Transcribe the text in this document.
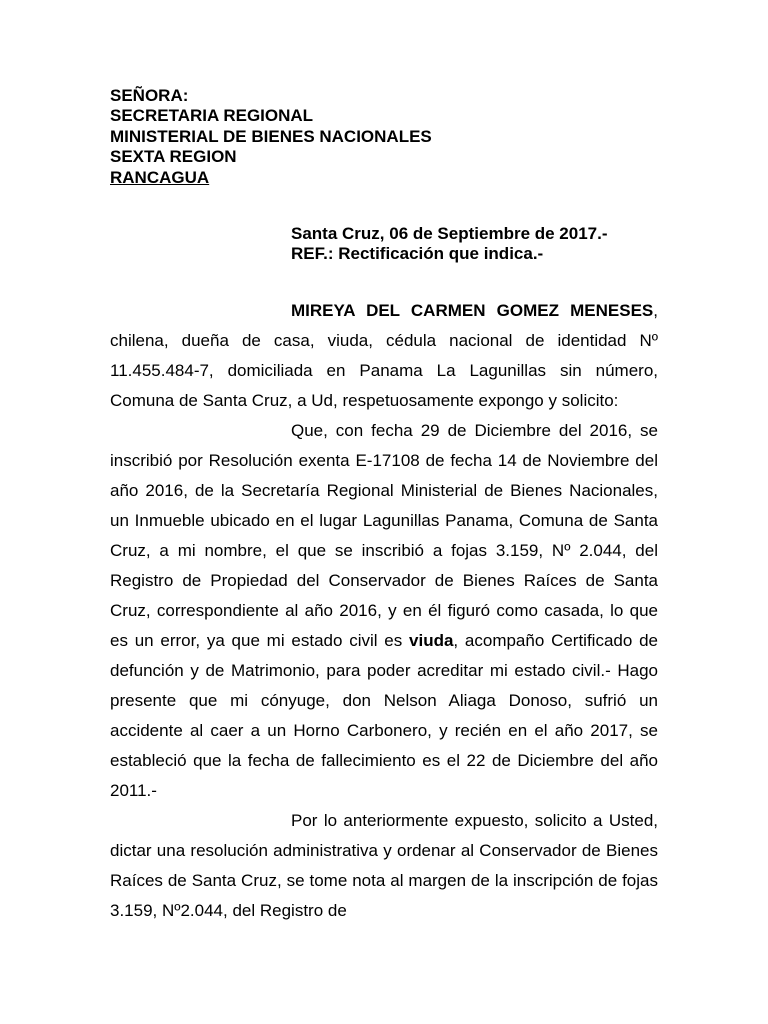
SEÑORA:
SECRETARIA REGIONAL
MINISTERIAL DE BIENES NACIONALES
SEXTA REGION
RANCAGUA
Santa Cruz, 06 de Septiembre de 2017.-
REF.: Rectificación que indica.-

MIREYA DEL CARMEN GOMEZ MENESES, chilena, dueña de casa, viuda, cédula nacional de identidad Nº 11.455.484-7, domiciliada en Panama La Lagunillas sin número, Comuna de Santa Cruz, a Ud, respetuosamente expongo y solicito:

Que, con fecha 29 de Diciembre del 2016, se inscribió por Resolución exenta E-17108 de fecha 14 de Noviembre del año 2016, de la Secretaría Regional Ministerial de Bienes Nacionales, un Inmueble ubicado en el lugar Lagunillas Panama, Comuna de Santa Cruz, a mi nombre, el que se inscribió a fojas 3.159, Nº 2.044, del Registro de Propiedad del Conservador de Bienes Raíces de Santa Cruz, correspondiente al año 2016, y en él figuró como casada, lo que es un error, ya que mi estado civil es viuda, acompaño Certificado de defunción y de Matrimonio, para poder acreditar mi estado civil.- Hago presente que mi cónyuge, don Nelson Aliaga Donoso, sufrió un accidente al caer a un Horno Carbonero, y recién en el año 2017, se estableció que la fecha de fallecimiento es el 22 de Diciembre del año 2011.-

Por lo anteriormente expuesto, solicito a Usted, dictar una resolución administrativa y ordenar al Conservador de Bienes Raíces de Santa Cruz, se tome nota al margen de la inscripción de fojas 3.159, Nº2.044, del Registro de
